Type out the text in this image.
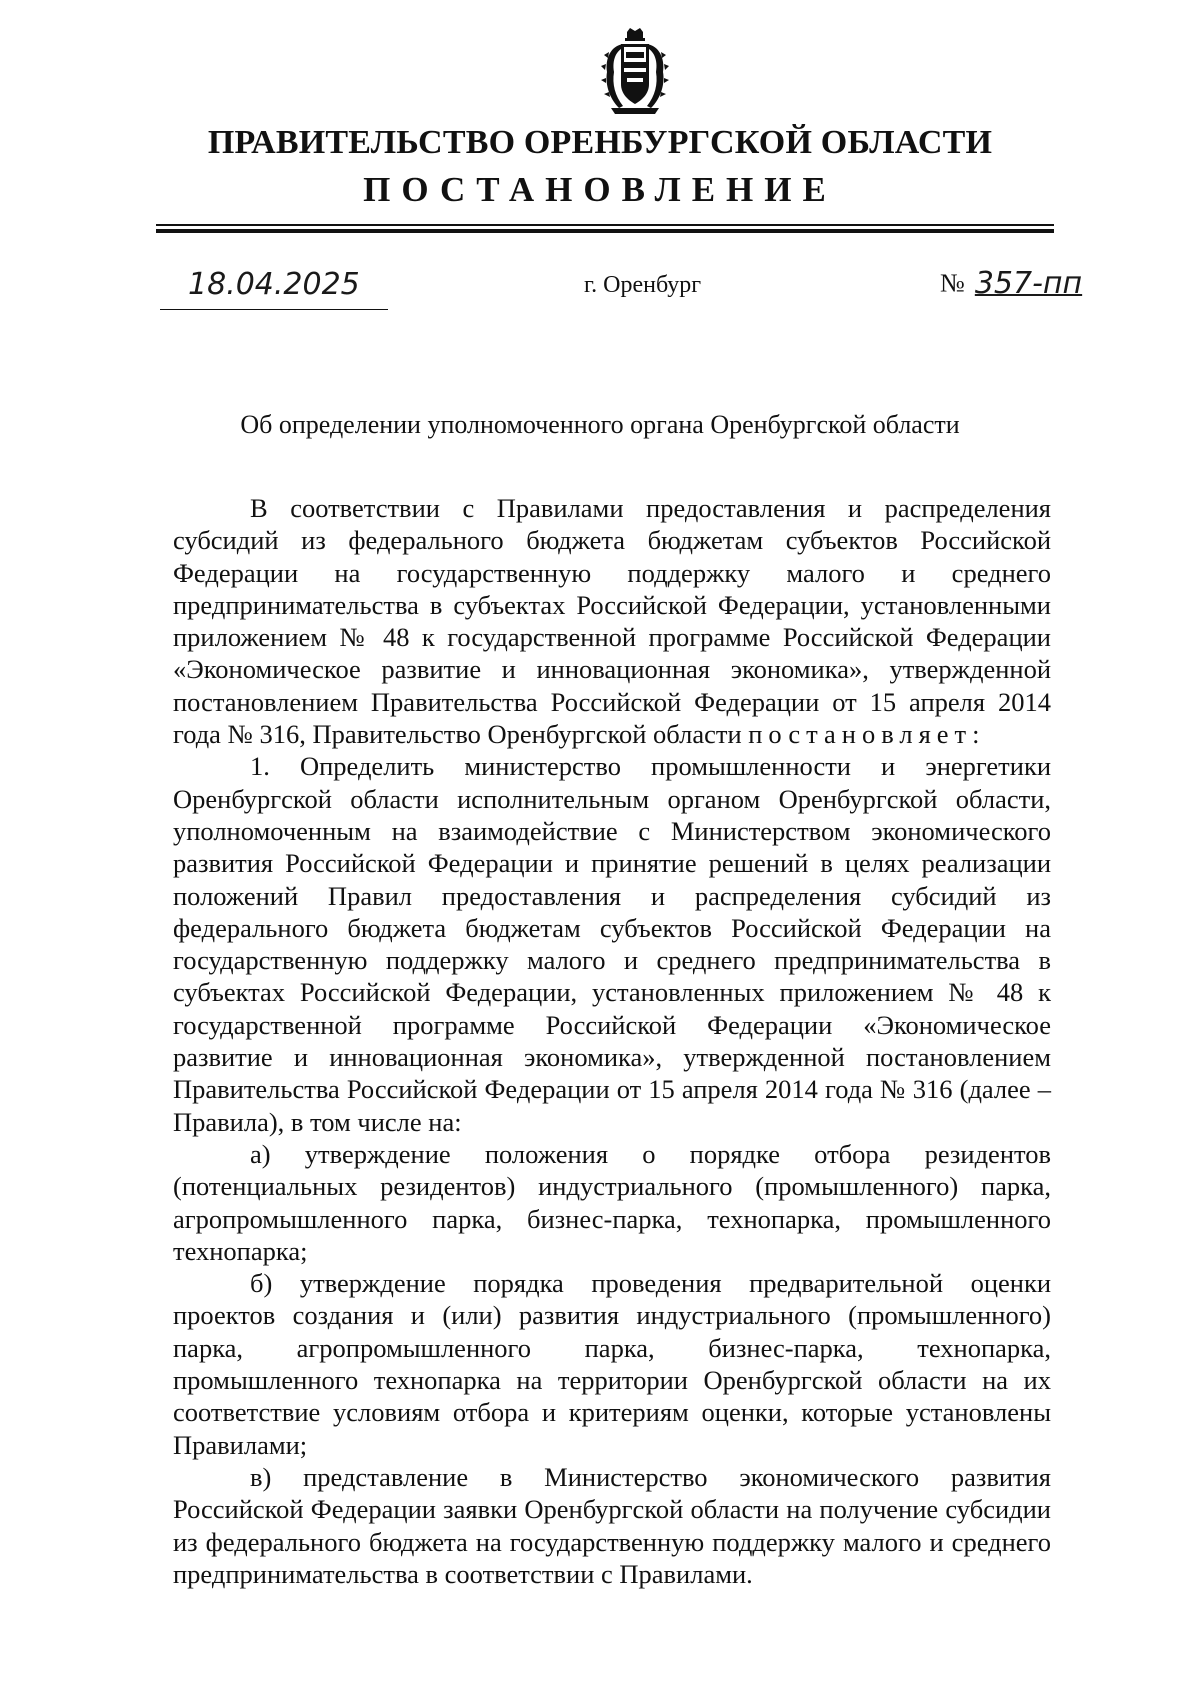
ПРАВИТЕЛЬСТВО ОРЕНБУРГСКОЙ ОБЛАСТИ
ПОСТАНОВЛЕНИЕ
18.04.2025	г. Оренбург	№ 357-пп
Об определении уполномоченного органа Оренбургской области

В соответствии с Правилами предоставления и распределения субсидий из федерального бюджета бюджетам субъектов Российской Федерации на государственную поддержку малого и среднего предпринимательства в субъектах Российской Федерации, установленными приложением № 48 к государственной программе Российской Федерации «Экономическое развитие и инновационная экономика», утвержденной постановлением Правительства Российской Федерации от 15 апреля 2014 года № 316, Правительство Оренбургской области постановляет:

1. Определить министерство промышленности и энергетики Оренбургской области исполнительным органом Оренбургской области, уполномоченным на взаимодействие с Министерством экономического развития Российской Федерации и принятие решений в целях реализации положений Правил предоставления и распределения субсидий из федерального бюджета бюджетам субъектов Российской Федерации на государственную поддержку малого и среднего предпринимательства в субъектах Российской Федерации, установленных приложением № 48 к государственной программе Российской Федерации «Экономическое развитие и инновационная экономика», утвержденной постановлением Правительства Российской Федерации от 15 апреля 2014 года № 316 (далее – Правила), в том числе на:

а) утверждение положения о порядке отбора резидентов (потенциальных резидентов) индустриального (промышленного) парка, агропромышленного парка, бизнес-парка, технопарка, промышленного технопарка;

б) утверждение порядка проведения предварительной оценки проектов создания и (или) развития индустриального (промышленного) парка, агропромышленного парка, бизнес-парка, технопарка, промышленного технопарка на территории Оренбургской области на их соответствие условиям отбора и критериям оценки, которые установлены Правилами;

в) представление в Министерство экономического развития Российской Федерации заявки Оренбургской области на получение субсидии из федерального бюджета на государственную поддержку малого и среднего предпринимательства в соответствии с Правилами.
